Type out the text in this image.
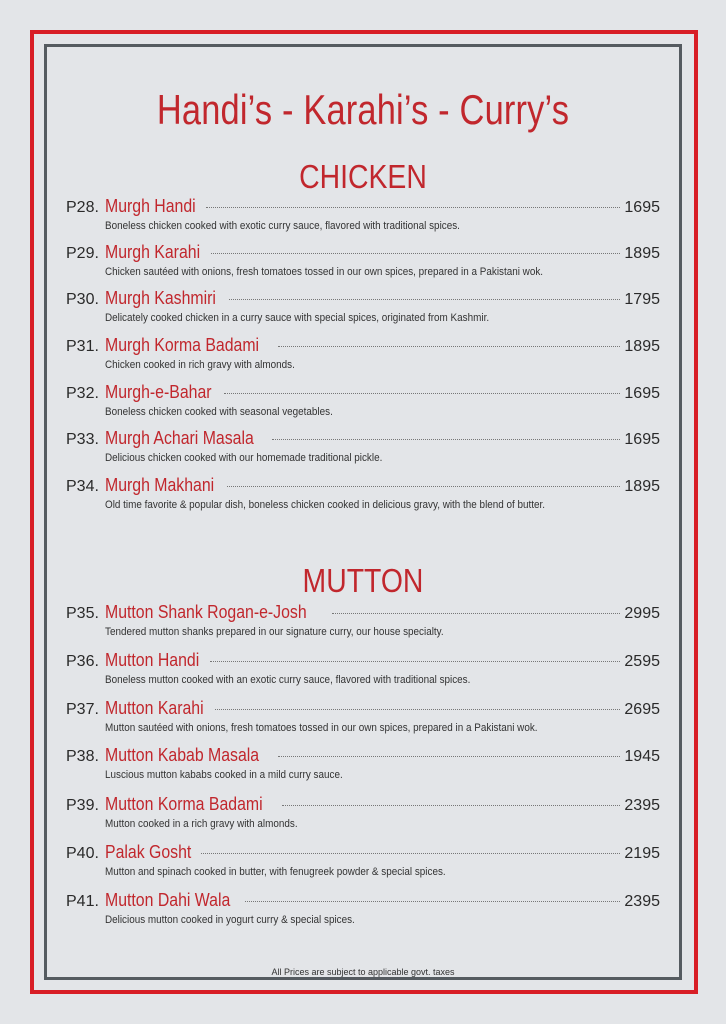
Handi’s - Karahi’s - Curry’s
CHICKEN
P28. Murgh Handi	1695
Boneless chicken cooked with exotic curry sauce, flavored with traditional spices.
P29. Murgh Karahi	1895
Chicken sautéed with onions, fresh tomatoes tossed in our own spices, prepared in a Pakistani wok.
P30. Murgh Kashmiri	1795
Delicately cooked chicken in a curry sauce with special spices, originated from Kashmir.
P31. Murgh Korma Badami	1895
Chicken cooked in rich gravy with almonds.
P32. Murgh-e-Bahar	1695
Boneless chicken cooked with seasonal vegetables.
P33. Murgh Achari Masala	1695
Delicious chicken cooked with our homemade traditional pickle.
P34. Murgh Makhani	1895
Old time favorite & popular dish, boneless chicken cooked in delicious gravy, with the blend of butter.
MUTTON
P35. Mutton Shank Rogan-e-Josh	2995
Tendered mutton shanks prepared in our signature curry, our house specialty.
P36. Mutton Handi	2595
Boneless mutton cooked with an exotic curry sauce, flavored with traditional spices.
P37. Mutton Karahi	2695
Mutton sautéed with onions, fresh tomatoes tossed in our own spices, prepared in a Pakistani wok.
P38. Mutton Kabab Masala	1945
Luscious mutton kababs cooked in a mild curry sauce.
P39. Mutton Korma Badami	2395
Mutton cooked in a rich gravy with almonds.
P40. Palak Gosht	2195
Mutton and spinach cooked in butter, with fenugreek powder & special spices.
P41. Mutton Dahi Wala	2395
Delicious mutton cooked in yogurt curry & special spices.
All Prices are subject to applicable govt. taxes
